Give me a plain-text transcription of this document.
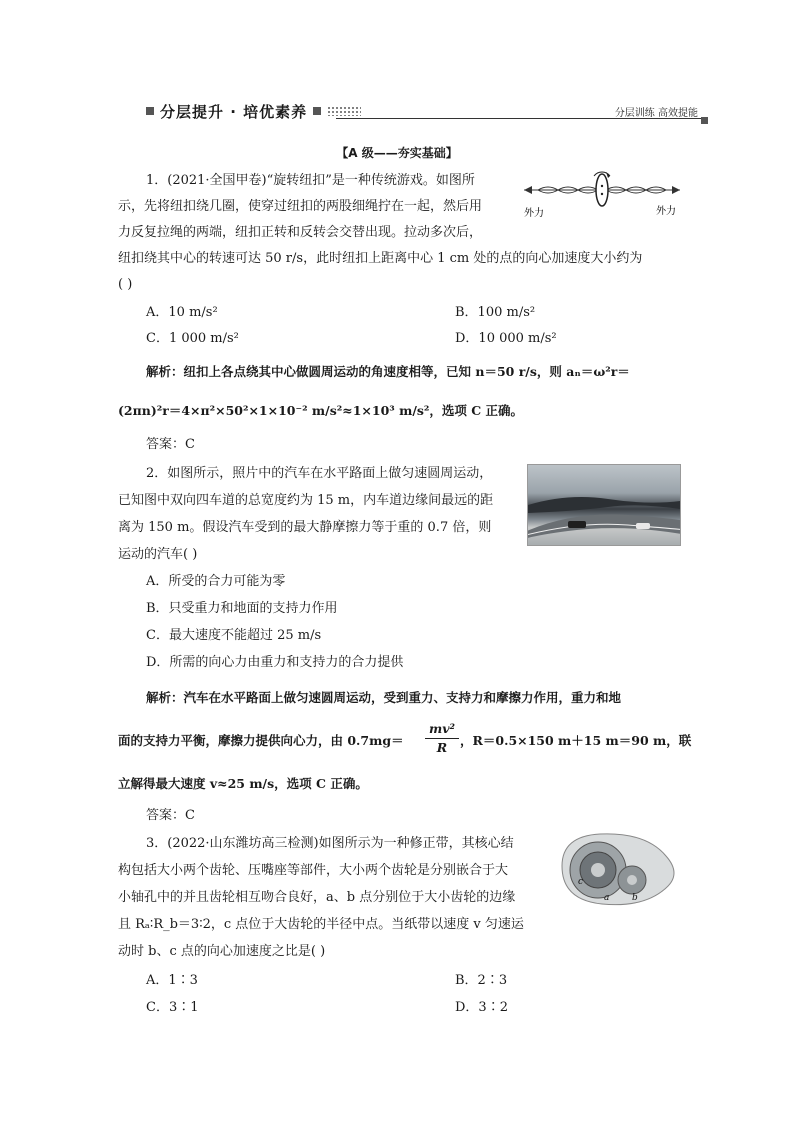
分层提升 · 培优素养	分层训练 高效提能
【A 级——夯实基础】
1．(2021·全国甲卷)“旋转纽扣”是一种传统游戏。如图所
示，先将纽扣绕几圈，使穿过纽扣的两股细绳拧在一起，然后用
力反复拉绳的两端，纽扣正转和反转会交替出现。拉动多次后，
纽扣绕其中心的转速可达 50 r/s，此时纽扣上距离中心 1 cm 处的点的向心加速度大小约为
( )
外力	外力
A．10 m/s²	B．100 m/s²
C．1 000 m/s²	D．10 000 m/s²
解析：纽扣上各点绕其中心做圆周运动的角速度相等，已知 n＝50 r/s，则 aₙ＝ω²r＝
(2πn)²r＝4×π²×50²×1×10⁻² m/s²≈1×10³ m/s²，选项 C 正确。
答案：C
2．如图所示，照片中的汽车在水平路面上做匀速圆周运动，
已知图中双向四车道的总宽度约为 15 m，内车道边缘间最远的距
离为 150 m。假设汽车受到的最大静摩擦力等于重的 0.7 倍，则
运动的汽车( )
A．所受的合力可能为零
B．只受重力和地面的支持力作用
C．最大速度不能超过 25 m/s
D．所需的向心力由重力和支持力的合力提供
解析：汽车在水平路面上做匀速圆周运动，受到重力、支持力和摩擦力作用，重力和地
面的支持力平衡，摩擦力提供向心力，由 $0.7mg= \frac{\text{mv²}}{R}$ ，R＝0.5×150 m＋15 m＝90 m，联
立解得最大速度 v≈25 m/s，选项 C 正确。
答案：C
3．(2022·山东潍坊高三检测)如图所示为一种修正带，其核心结
构包括大小两个齿轮、压嘴座等部件，大小两个齿轮是分别嵌合于大
小轴孔中的并且齿轮相互吻合良好，a、b 点分别位于大小齿轮的边缘
且 Rₐ∶R_b＝3∶2，c 点位于大齿轮的半径中点。当纸带以速度 v 匀速运
动时 b、c 点的向心加速度之比是( )
c
a	b
A．1∶3	B．2∶3
C．3∶1	D．3∶2
